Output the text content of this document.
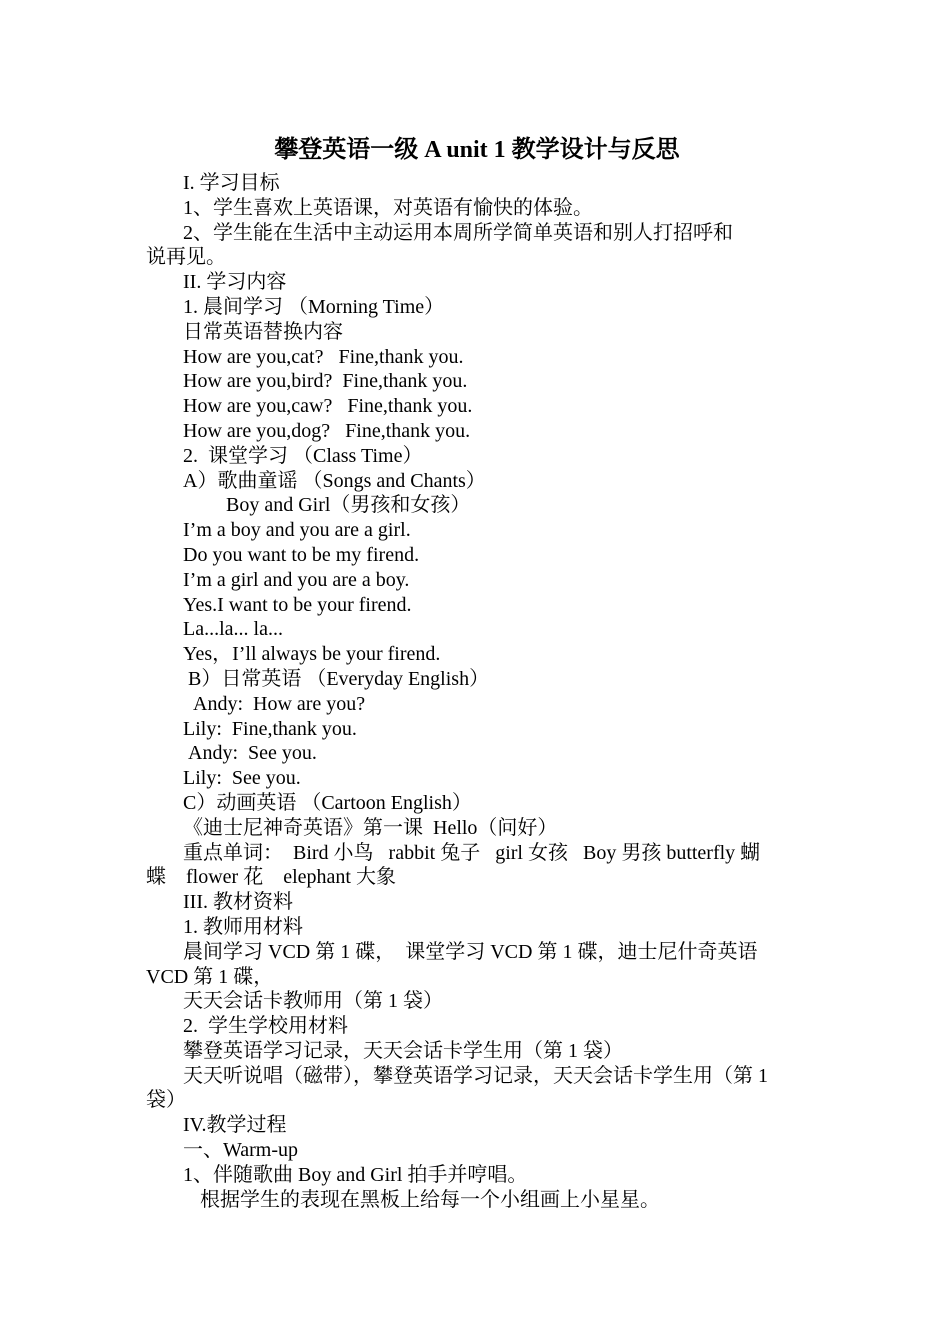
攀登英语一级 A unit 1 教学设计与反思
I. 学习目标
1、学生喜欢上英语课，对英语有愉快的体验。
2、学生能在生活中主动运用本周所学简单英语和别人打招呼和
说再见。
II. 学习内容
1. 晨间学习 （Morning Time）
日常英语替换内容
How are you,cat?   Fine,thank you.
How are you,bird?  Fine,thank you.
How are you,caw?   Fine,thank you.
How are you,dog?   Fine,thank you.
2.  课堂学习 （Class Time）
A）歌曲童谣 （Songs and Chants）
Boy and Girl（男孩和女孩）
I’m a boy and you are a girl.
Do you want to be my firend.
I’m a girl and you are a boy.
Yes.I want to be your firend.
La...la... la...
Yes，I’ll always be your firend.
B）日常英语 （Everyday English）
Andy:  How are you?
Lily:  Fine,thank you.
Andy:  See you.
Lily:  See you.
C）动画英语 （Cartoon English）
《迪士尼神奇英语》第一课  Hello（问好）
重点单词：  Bird 小鸟   rabbit 兔子   girl 女孩   Boy 男孩 butterfly 蝴
蝶    flower 花    elephant 大象
III. 教材资料
1. 教师用材料
晨间学习 VCD 第 1 碟，  课堂学习 VCD 第 1 碟，迪士尼什奇英语
VCD 第 1 碟，
天天会话卡教师用（第 1 袋）
2.  学生学校用材料
攀登英语学习记录，天天会话卡学生用（第 1 袋）
天天听说唱（磁带），攀登英语学习记录，天天会话卡学生用（第 1
袋）
IV.教学过程
一、Warm-up
1、伴随歌曲 Boy and Girl 拍手并哼唱。
根据学生的表现在黑板上给每一个小组画上小星星。
